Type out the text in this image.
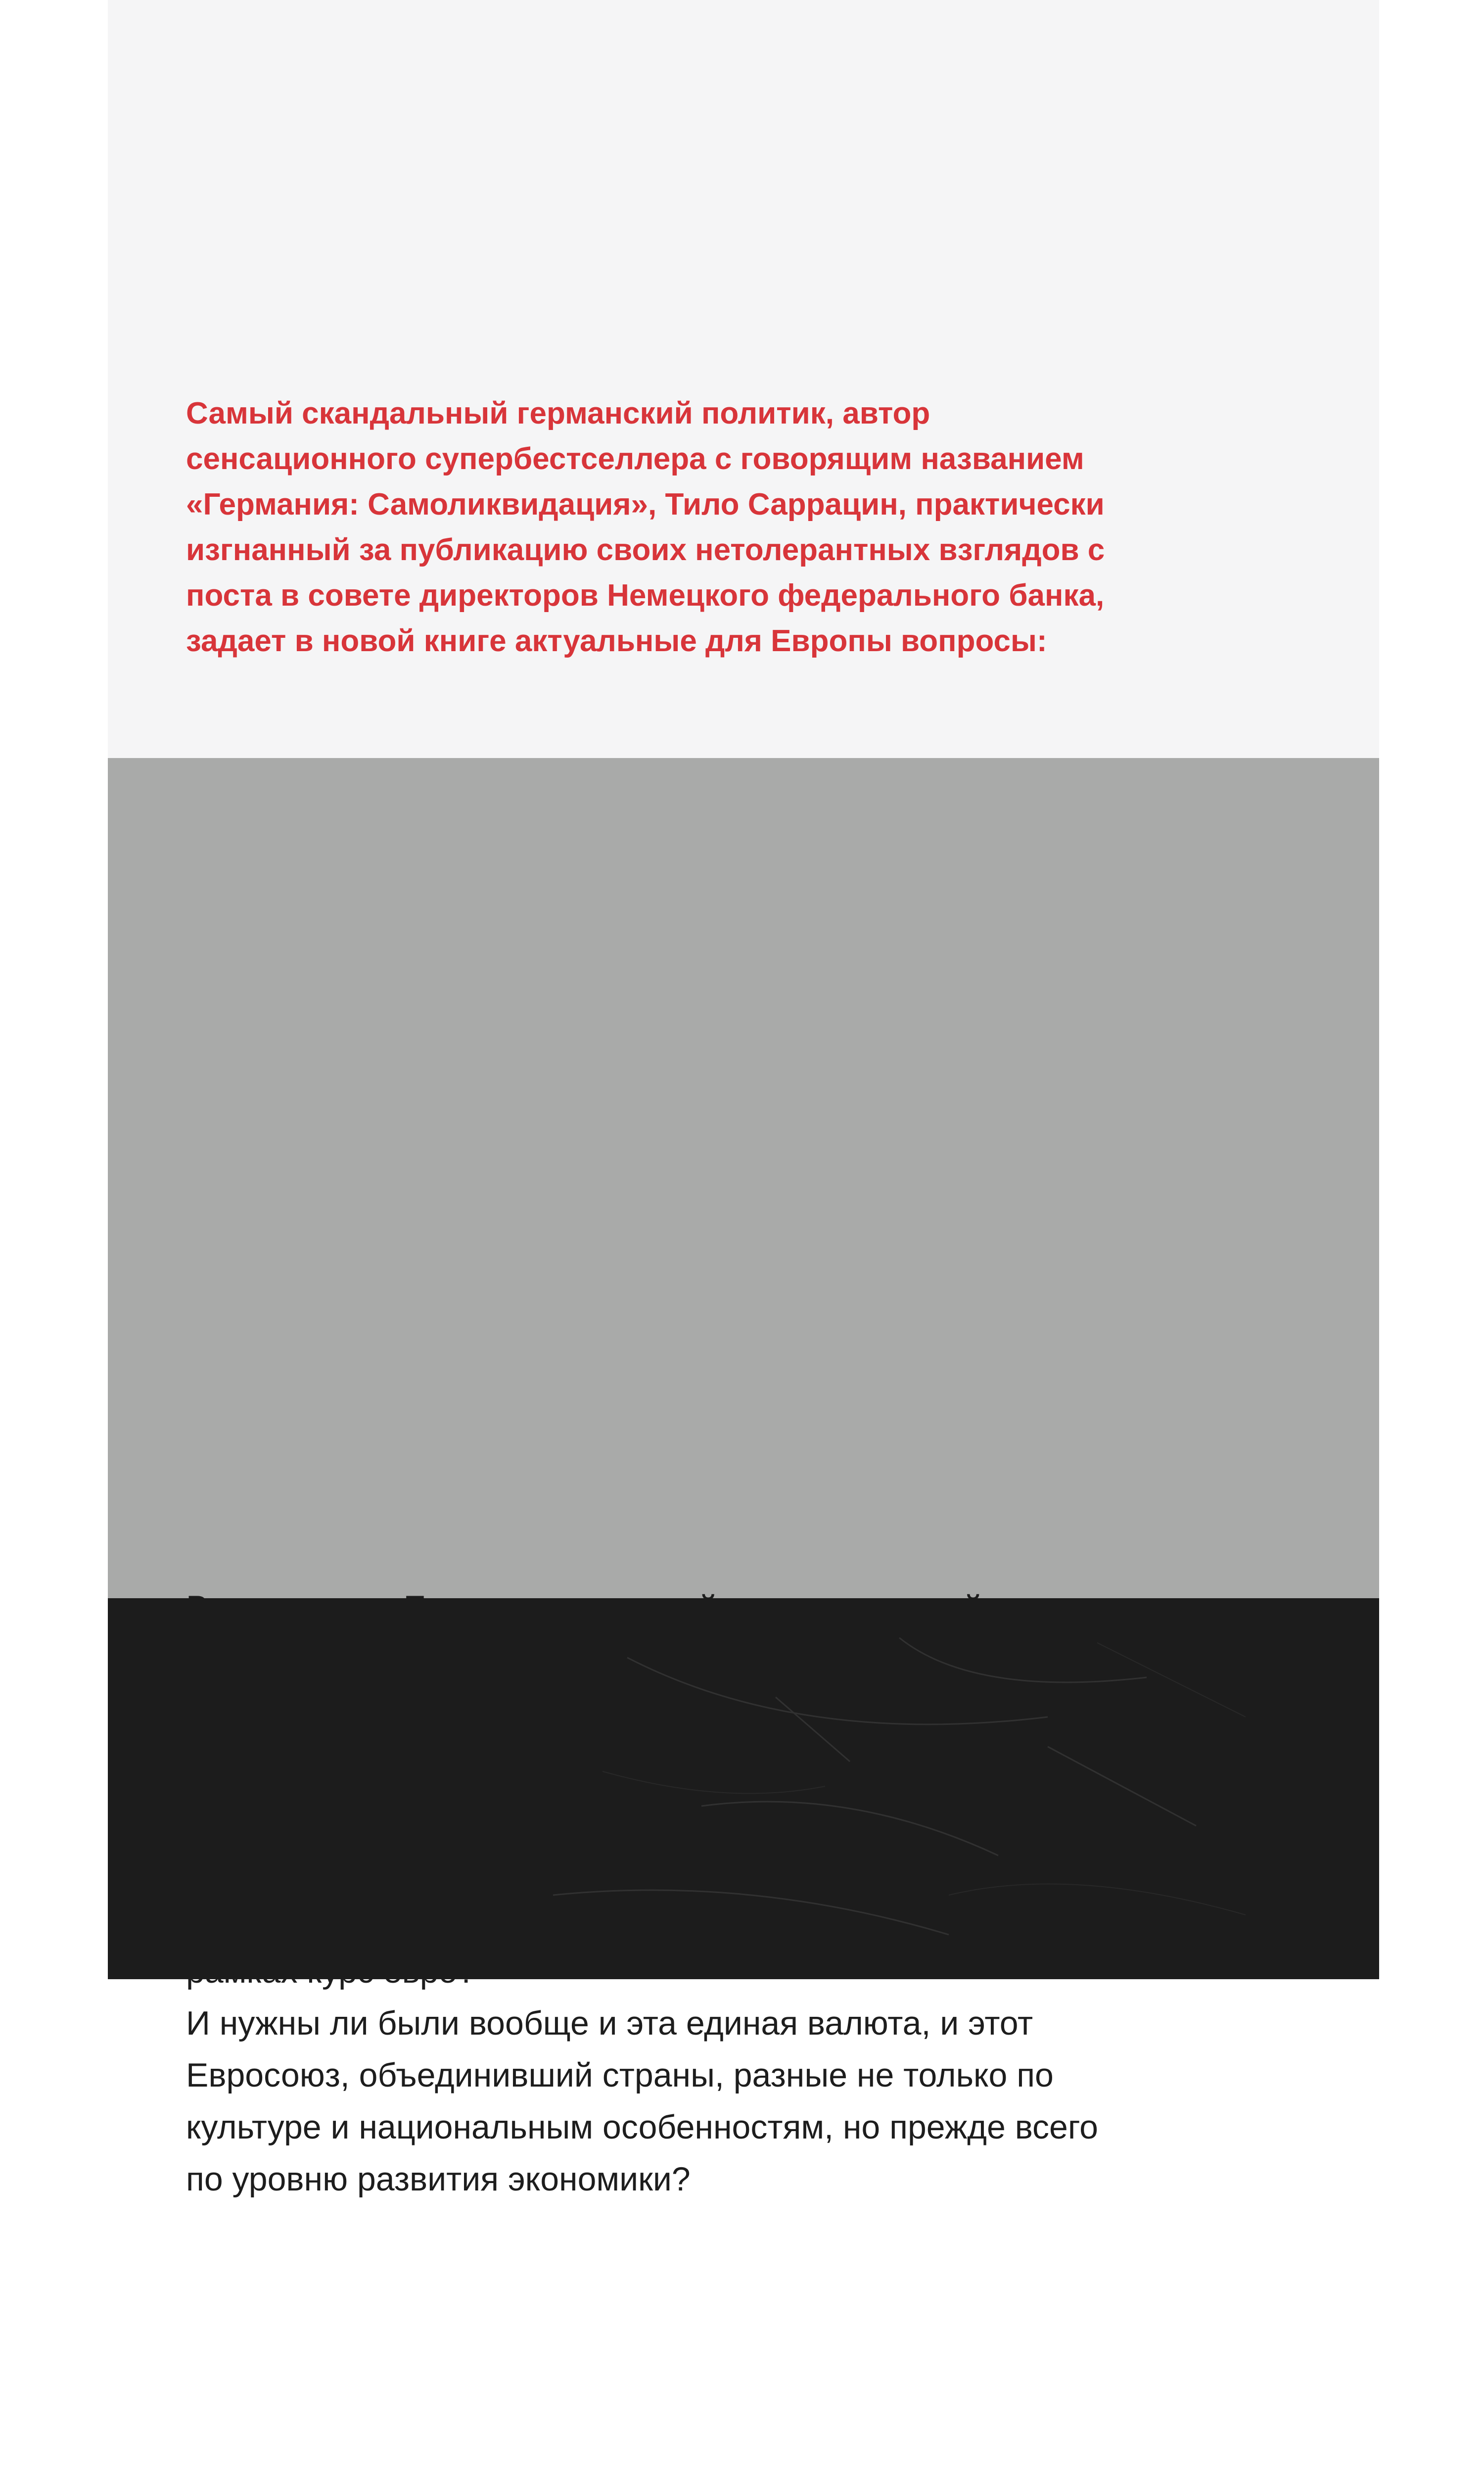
Самый скандальный германский политик, автор
сенсационного супербестселлера с говорящим названием
«Германия: Самоликвидация», Тило Саррацин, практически
изгнанный за публикацию своих нетолерантных взглядов с
поста в совете директоров Немецкого федерального банка,
задает в новой книге актуальные для Европы вопросы:

И нужны ли были вообще и эта единая валюта, и этот
Евросоюз, объединивший страны, разные не только по
культуре и национальным особенностям, но прежде всего
по уровню развития экономики?
